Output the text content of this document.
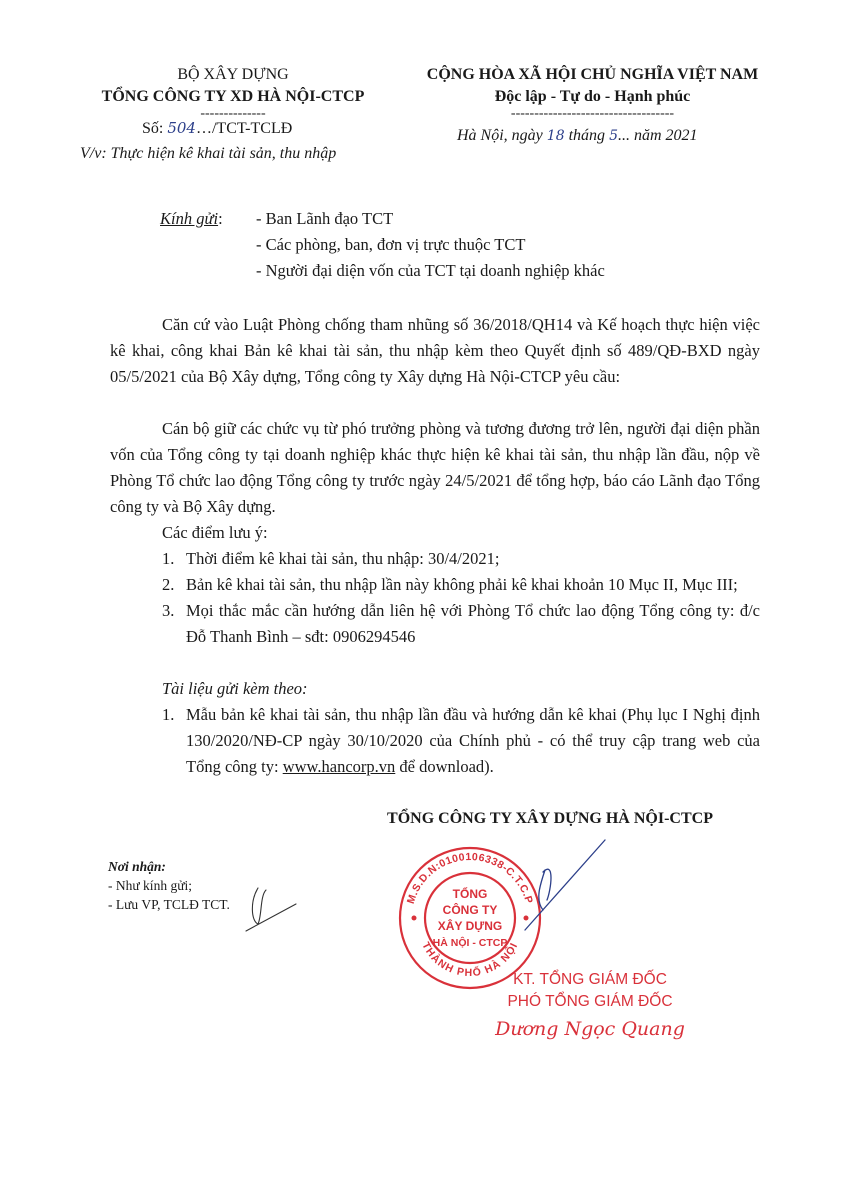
BỘ XÂY DỰNG
TỔNG CÔNG TY XD HÀ NỘI-CTCP
--------------
Số: 504…/TCT-TCLĐ
V/v: Thực hiện kê khai tài sản, thu nhập
CỘNG HÒA XÃ HỘI CHỦ NGHĨA VIỆT NAM
Độc lập - Tự do - Hạnh phúc
-----------------------------------
Hà Nội, ngày 18 tháng 5... năm 2021
Kính gửi: - Ban Lãnh đạo TCT
- Các phòng, ban, đơn vị trực thuộc TCT
- Người đại diện vốn của TCT tại doanh nghiệp khác
Căn cứ vào Luật Phòng chống tham nhũng số 36/2018/QH14 và Kế hoạch thực hiện việc kê khai, công khai Bản kê khai tài sản, thu nhập kèm theo Quyết định số 489/QĐ-BXD ngày 05/5/2021 của Bộ Xây dựng, Tổng công ty Xây dựng Hà Nội-CTCP yêu cầu:
Cán bộ giữ các chức vụ từ phó trưởng phòng và tương đương trở lên, người đại diện phần vốn của Tổng công ty tại doanh nghiệp khác thực hiện kê khai tài sản, thu nhập lần đầu, nộp về Phòng Tổ chức lao động Tổng công ty trước ngày 24/5/2021 để tổng hợp, báo cáo Lãnh đạo Tổng công ty và Bộ Xây dựng.
Các điểm lưu ý:
1. Thời điểm kê khai tài sản, thu nhập: 30/4/2021;
2. Bản kê khai tài sản, thu nhập lần này không phải kê khai khoản 10 Mục II, Mục III;
3. Mọi thắc mắc cần hướng dẫn liên hệ với Phòng Tổ chức lao động Tổng công ty: đ/c Đỗ Thanh Bình – sđt: 0906294546
Tài liệu gửi kèm theo:
1. Mẫu bản kê khai tài sản, thu nhập lần đầu và hướng dẫn kê khai (Phụ lục I Nghị định 130/2020/NĐ-CP ngày 30/10/2020 của Chính phủ - có thể truy cập trang web của Tổng công ty: www.hancorp.vn để download).
TỔNG CÔNG TY XÂY DỰNG HÀ NỘI-CTCP
M.S.D.N:0100106338-C.T.C.P
THÀNH PHỐ HÀ NỘI
TỔNG
CÔNG TY
XÂY DỰNG
HÀ NỘI - CTCP
KT. TỔNG GIÁM ĐỐC
PHÓ TỔNG GIÁM ĐỐC
Dương Ngọc Quang
Nơi nhận:
- Như kính gửi;
- Lưu VP, TCLĐ TCT.
